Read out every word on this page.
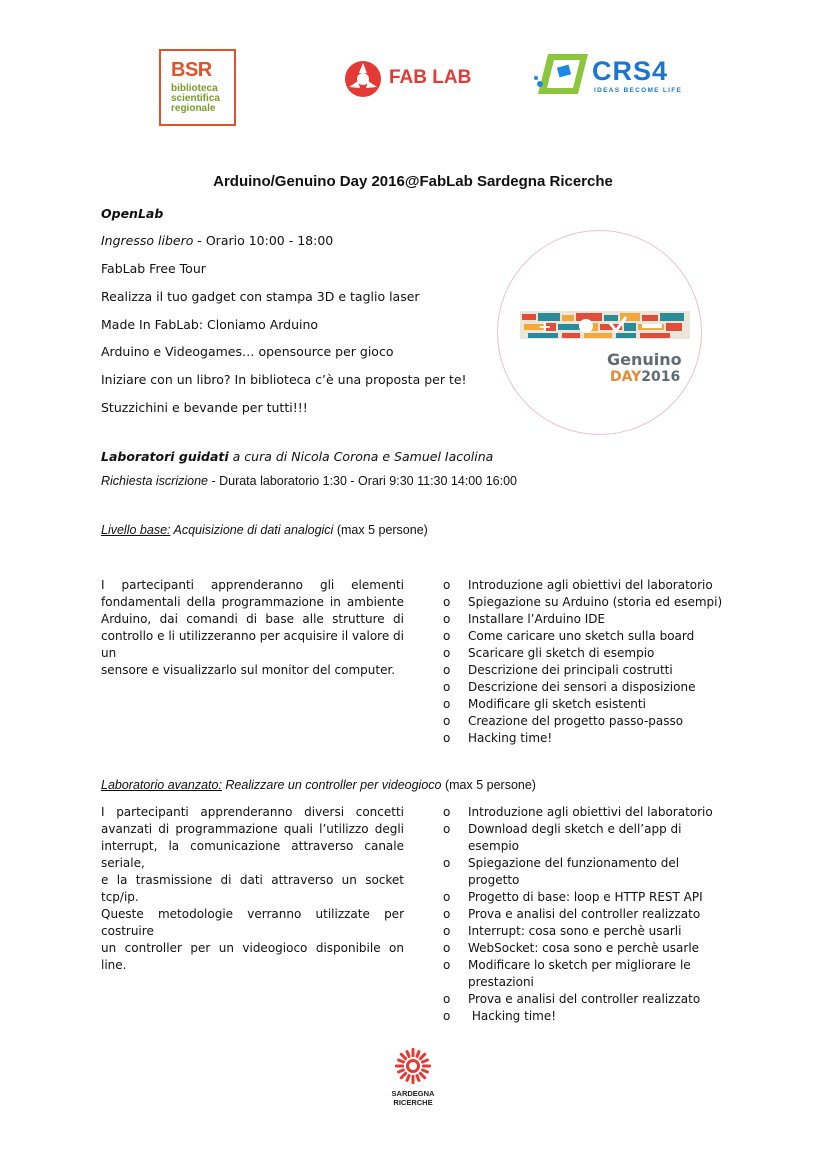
BSR
biblioteca
scientifica
regionale
FAB LAB	CRS4
IDEAS BECOME LIFE
Arduino/Genuino Day 2016@FabLab Sardegna Ricerche
OpenLab
Ingresso libero - Orario 10:00 - 18:00
FabLab Free Tour
Realizza il tuo gadget con stampa 3D e taglio laser
Made In FabLab: Cloniamo Arduino
Arduino e Videogames… opensource per gioco
Iniziare con un libro? In biblioteca c’è una proposta per te!
Stuzzichini e bevande per tutti!!!
+
Genuino
DAY2016
Laboratori guidati a cura di Nicola Corona e Samuel Iacolina
Richiesta iscrizione - Durata laboratorio 1:30 - Orari 9:30 11:30 14:00 16:00
Livello base: Acquisizione di dati analogici (max 5 persone)
I partecipanti apprenderanno gli elementi
fondamentali della programmazione in ambiente
Arduino, dai comandi di base alle strutture di
controllo e li utilizzeranno per acquisire il valore di un
sensore e visualizzarlo sul monitor del computer.
o Introduzione agli obiettivi del laboratorio
o Spiegazione su Arduino (storia ed esempi)
o Installare l’Arduino IDE
o Come caricare uno sketch sulla board
o Scaricare gli sketch di esempio
o Descrizione dei principali costrutti
o Descrizione dei sensori a disposizione
o Modificare gli sketch esistenti
o Creazione del progetto passo-passo
o Hacking time!
Laboratorio avanzato: Realizzare un controller per videogioco (max 5 persone)
I partecipanti apprenderanno diversi concetti
avanzati di programmazione quali l’utilizzo degli
interrupt, la comunicazione attraverso canale seriale,
e la trasmissione di dati attraverso un socket tcp/ip.
Queste metodologie verranno utilizzate per costruire
un controller per un videogioco disponibile on line.
o Introduzione agli obiettivi del laboratorio
o Download degli sketch e dell’app di esempio
o Spiegazione del funzionamento del progetto
o Progetto di base: loop e HTTP REST API
o Prova e analisi del controller realizzato
o Interrupt: cosa sono e perchè usarli
o WebSocket: cosa sono e perchè usarle
o Modificare lo sketch per migliorare le prestazioni
o Prova e analisi del controller realizzato
o Hacking time!
SARDEGNA
RICERCHE
